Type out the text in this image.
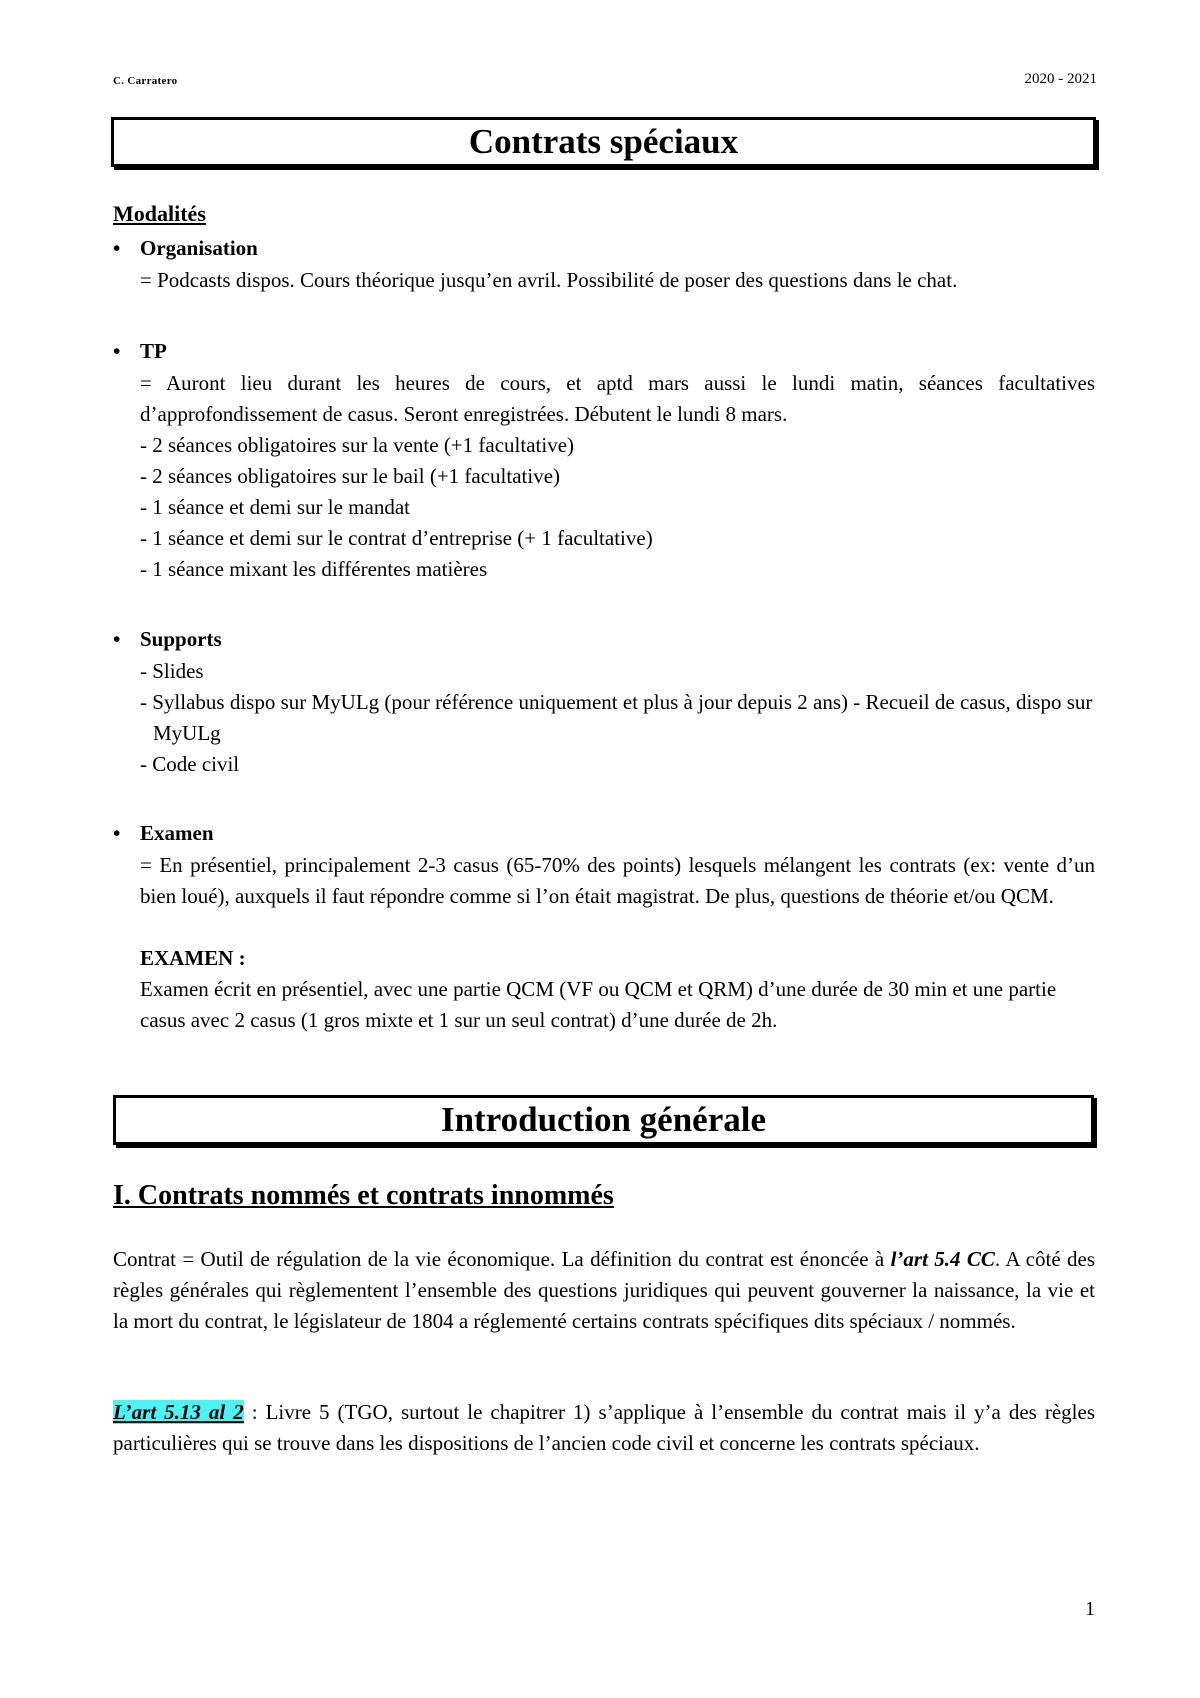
C. Carratero	2020 - 2021
Contrats spéciaux
Modalités
• Organisation
= Podcasts dispos. Cours théorique jusqu’en avril. Possibilité de poser des questions dans le chat.
• TP

= Auront lieu durant les heures de cours, et aptd mars aussi le lundi matin, séances facultatives d’approfondissement de casus. Seront enregistrées. Débutent le lundi 8 mars.

- 2 séances obligatoires sur la vente (+1 facultative)

- 2 séances obligatoires sur le bail (+1 facultative)

- 1 séance et demi sur le mandat

- 1 séance et demi sur le contrat d’entreprise (+ 1 facultative)

- 1 séance mixant les différentes matières

• Supports

- Slides

- Syllabus dispo sur MyULg (pour référence uniquement et plus à jour depuis 2 ans) - Recueil de casus, dispo sur MyULg

- Code civil

• Examen

= En présentiel, principalement 2-3 casus (65-70% des points) lesquels mélangent les contrats (ex: vente d’un bien loué), auxquels il faut répondre comme si l’on était magistrat. De plus, questions de théorie et/ou QCM.

EXAMEN :

Examen écrit en présentiel, avec une partie QCM (VF ou QCM et QRM) d’une durée de 30 min et une partie casus avec 2 casus (1 gros mixte et 1 sur un seul contrat) d’une durée de 2h.

Introduction générale
I. Contrats nommés et contrats innommés
Contrat = Outil de régulation de la vie économique. La définition du contrat est énoncée à l’art 5.4 CC. A côté des règles générales qui règlementent l’ensemble des questions juridiques qui peuvent gouverner la naissance, la vie et la mort du contrat, le législateur de 1804 a réglementé certains contrats spécifiques dits spéciaux / nommés.
L’art 5.13 al 2 : Livre 5 (TGO, surtout le chapitrer 1) s’applique à l’ensemble du contrat mais il y’a des règles particulières qui se trouve dans les dispositions de l’ancien code civil et concerne les contrats spéciaux.
1
